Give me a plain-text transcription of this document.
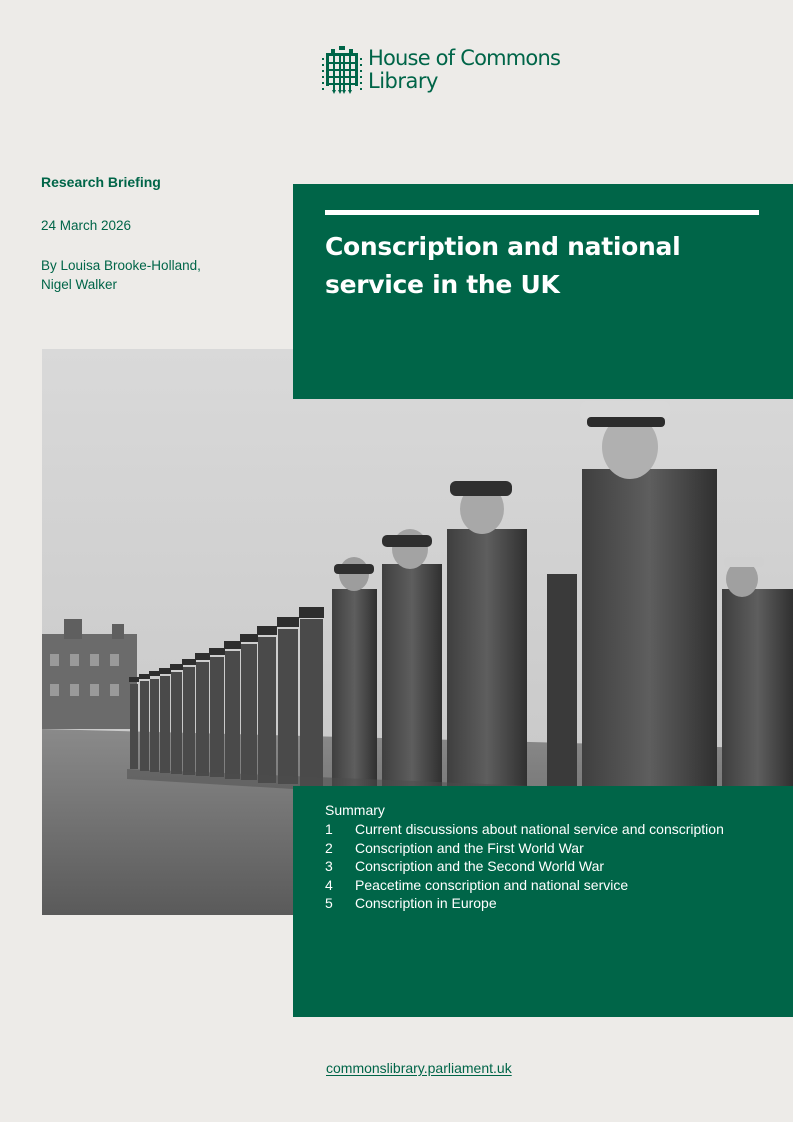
House of Commons
Library
Research Briefing
24 March 2026
By Louisa Brooke-Holland,
Nigel Walker
Conscription and national
service in the UK
Summary
1	Current discussions about national service and conscription
2	Conscription and the First World War
3	Conscription and the Second World War
4	Peacetime conscription and national service
5	Conscription in Europe
commonslibrary.parliament.uk
